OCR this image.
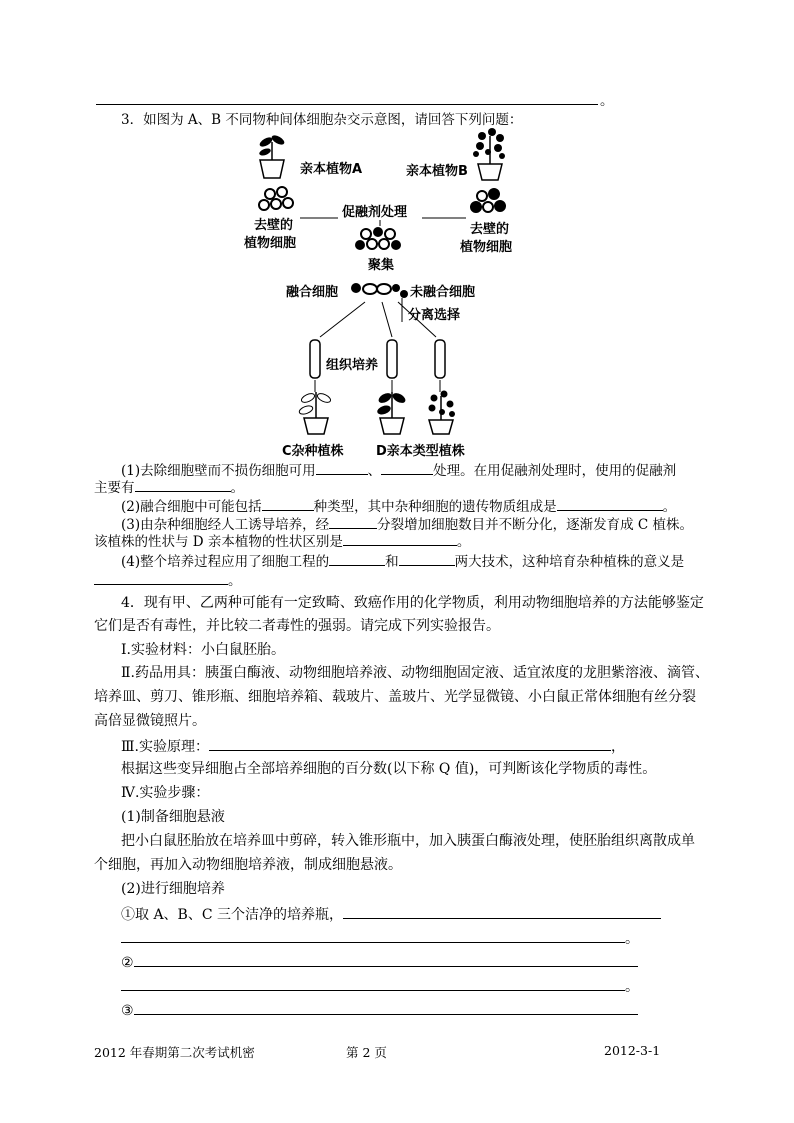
。
3．如图为 A、B 不同物种间体细胞杂交示意图，请回答下列问题：
亲本植物A	亲本植物B
去壁的
植物细胞
促融剂处理
去壁的
植物细胞
聚集
融合细胞	未融合细胞
分离选择
组织培养
C杂种植株 D亲本类型植株
(1)去除细胞壁而不损伤细胞可用	、	处理。在用促融剂处理时，使用的促融剂
主要有	。
(2)融合细胞中可能包括	种类型，其中杂种细胞的遗传物质组成是	。
(3)由杂种细胞经人工诱导培养，经	分裂增加细胞数目并不断分化，逐渐发育成 C 植株。
该植株的性状与 D 亲本植物的性状区别是	。
(4)整个培养过程应用了细胞工程的	和	两大技术，这种培育杂种植株的意义是
。
4．现有甲、乙两种可能有一定致畸、致癌作用的化学物质，利用动物细胞培养的方法能够鉴定
它们是否有毒性，并比较二者毒性的强弱。请完成下列实验报告。
Ⅰ.实验材料：小白鼠胚胎。
Ⅱ.药品用具：胰蛋白酶液、动物细胞培养液、动物细胞固定液、适宜浓度的龙胆紫溶液、滴管、
培养皿、剪刀、锥形瓶、细胞培养箱、载玻片、盖玻片、光学显微镜、小白鼠正常体细胞有丝分裂
高倍显微镜照片。
Ⅲ.实验原理：	，
根据这些变异细胞占全部培养细胞的百分数(以下称 Q 值)，可判断该化学物质的毒性。
Ⅳ.实验步骤：
(1)制备细胞悬液
把小白鼠胚胎放在培养皿中剪碎，转入锥形瓶中，加入胰蛋白酶液处理，使胚胎组织离散成单
个细胞，再加入动物细胞培养液，制成细胞悬液。
(2)进行细胞培养
①取 A、B、C 三个洁净的培养瓶，
。
②
。
③
2012 年春期第二次考试机密	第 2 页	2012-3-1
